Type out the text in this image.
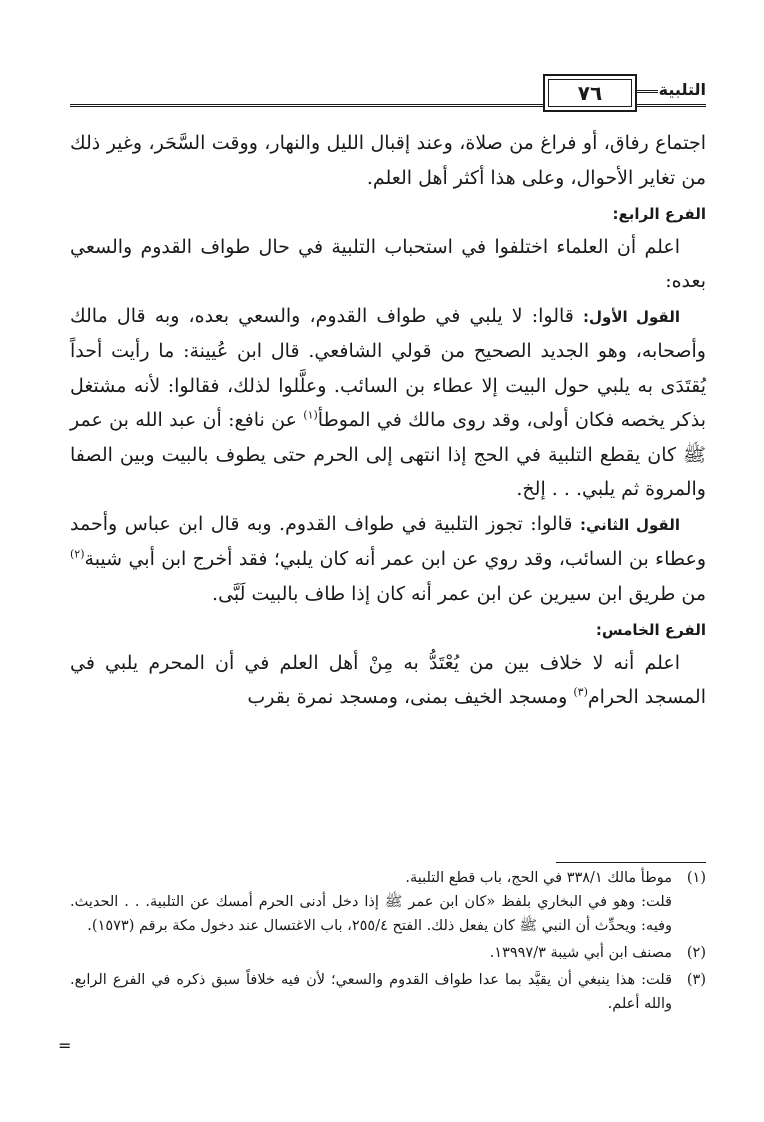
٧٦	التلبية

اجتماع رفاق، أو فراغ من صلاة، وعند إقبال الليل والنهار، ووقت السَّحَر، وغير ذلك من تغاير الأحوال، وعلى هذا أكثر أهل العلم.

الفرع الرابع:

اعلم أن العلماء اختلفوا في استحباب التلبية في حال طواف القدوم والسعي بعده:

القول الأول: قالوا: لا يلبي في طواف القدوم، والسعي بعده، وبه قال مالك وأصحابه، وهو الجديد الصحيح من قولي الشافعي. قال ابن عُيينة: ما رأيت أحداً يُقتَدَى به يلبي حول البيت إلا عطاء بن السائب. وعلَّلوا لذلك، فقالوا: لأنه مشتغل بذكر يخصه فكان أولى، وقد روى مالك في الموطأ$^{(١)}$ عن نافع: أن عبد الله بن عمر ﷺ كان يقطع التلبية في الحج إذا انتهى إلى الحرم حتى يطوف بالبيت وبين الصفا والمروة ثم يلبي. . . إلخ.

القول الثاني: قالوا: تجوز التلبية في طواف القدوم. وبه قال ابن عباس وأحمد وعطاء بن السائب، وقد روي عن ابن عمر أنه كان يلبي؛ فقد أخرج ابن أبي شيبة$^{(٢)}$ من طريق ابن سيرين عن ابن عمر أنه كان إذا طاف بالبيت لَبَّى.

الفرع الخامس:

اعلم أنه لا خلاف بين من يُعْتَدُّ به مِنْ أهل العلم في أن المحرم يلبي في المسجد الحرام$^{(٣)}$ ومسجد الخيف بمنى، ومسجد نمرة بقرب

(١)
موطأ مالك ٣٣٨/١ في الحج، باب قطع التلبية.
قلت: وهو في البخاري بلفظ «كان ابن عمر ﷺ إذا دخل أدنى الحرم أمسك عن التلبية. . . الحديث. وفيه: ويحدِّث أن النبي ﷺ كان يفعل ذلك. الفتح ٢٥٥/٤، باب الاغتسال عند دخول مكة برقم (١٥٧٣).
(٢)
مصنف ابن أبي شيبة ١٣٩٩٧/٣.
(٣)
قلت: هذا ينبغي أن يقيَّد بما عدا طواف القدوم والسعي؛ لأن فيه خلافاً سبق ذكره في الفرع الرابع. والله أعلم.
=
